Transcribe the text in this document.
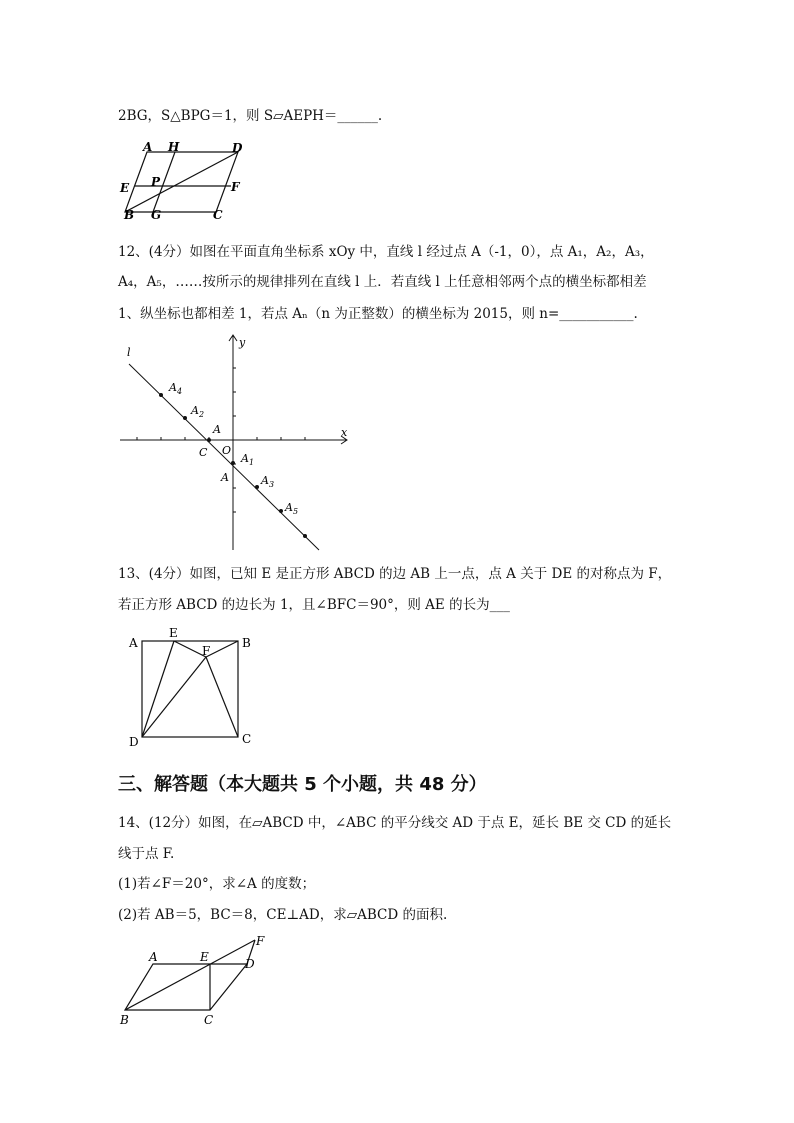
2BG，S△BPG＝1，则 S▱AEPH＝______.
A H	D
E P	F
B G	C
12、(4分）如图在平面直角坐标系 xOy 中，直线 l 经过点 A（-1，0），点 A₁，A₂，A₃，
A₄，A₅，……按所示的规律排列在直线 l 上．若直线 l 上任意相邻两个点的横坐标都相差
1、纵坐标也都相差 1，若点 Aₙ（n 为正整数）的横坐标为 2015，则 n=___________.
l
y
x
$A_4$
$A_2$
A
O
C	$A_1$
A	$A_3$
$A_5$
13、(4分）如图，已知 E 是正方形 ABCD 的边 AB 上一点，点 A 关于 DE 的对称点为 F，
若正方形 ABCD 的边长为 1，且∠BFC＝90°，则 AE 的长为___
A
E
B
F
D	C
三、解答题（本大题共 5 个小题，共 48 分）
14、(12分）如图，在▱ABCD 中，∠ABC 的平分线交 AD 于点 E，延长 BE 交 CD 的延长
线于点 F.
(1)若∠F＝20°，求∠A 的度数；
(2)若 AB＝5，BC＝8，CE⊥AD，求▱ABCD 的面积.
F
A	E	D
B	C
